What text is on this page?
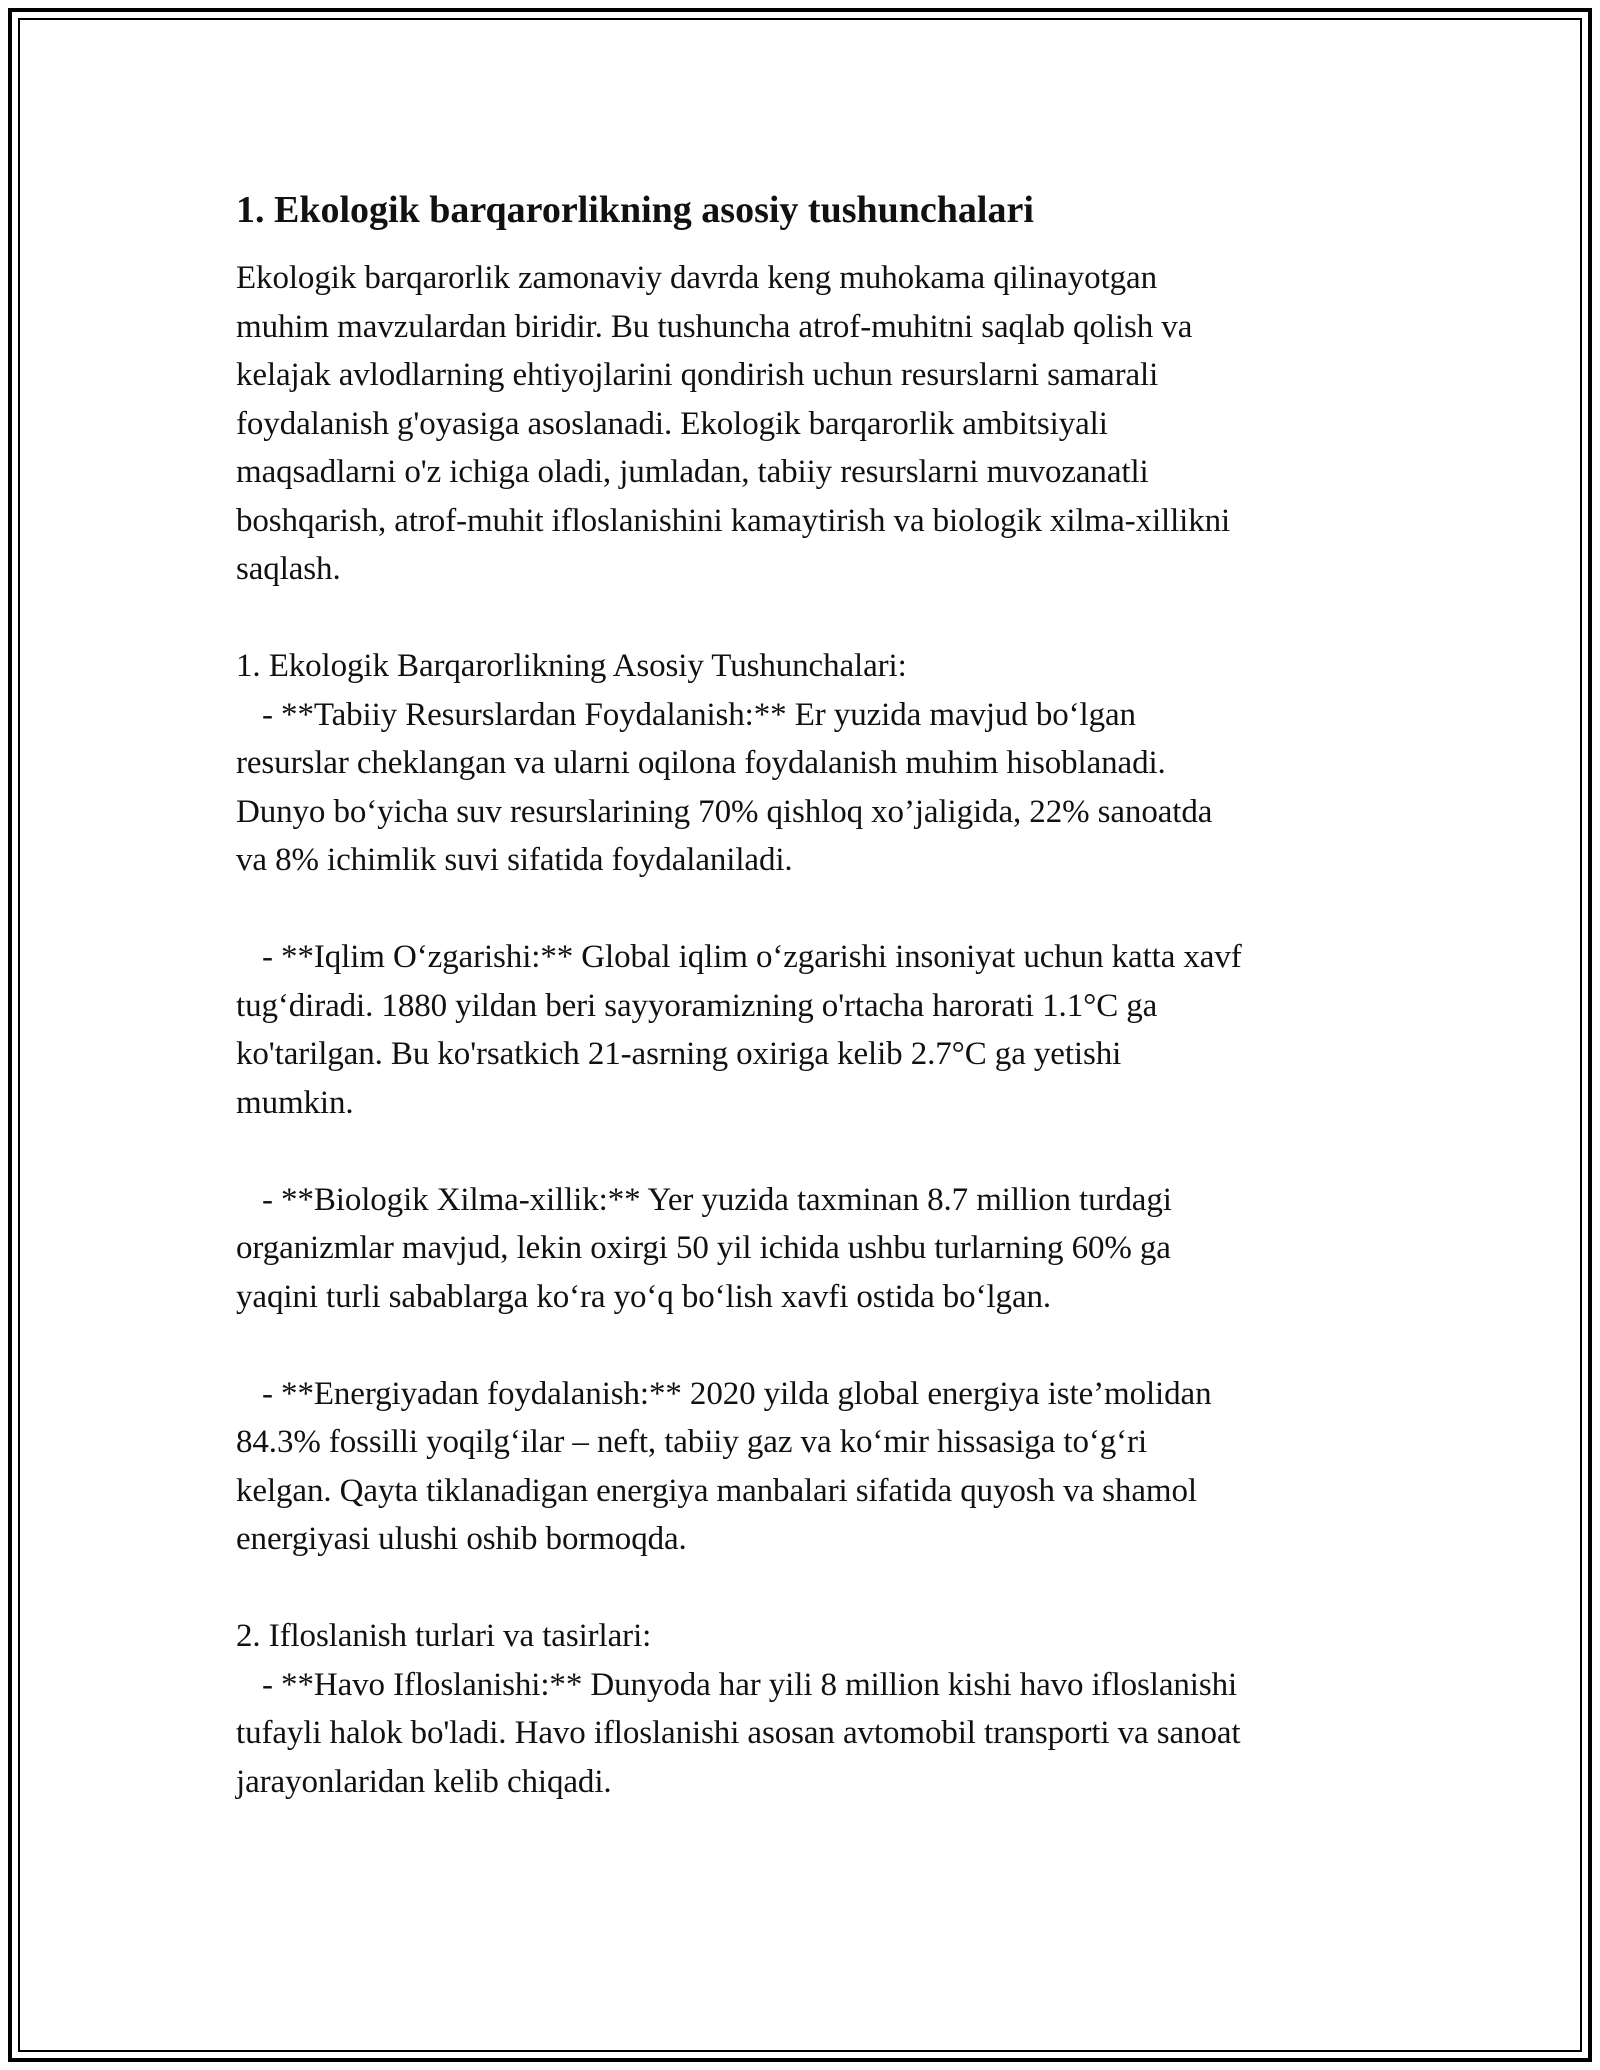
1. Ekologik barqarorlikning asosiy tushunchalari

Ekologik barqarorlik zamonaviy davrda keng muhokama qilinayotgan
muhim mavzulardan biridir. Bu tushuncha atrof-muhitni saqlab qolish va
kelajak avlodlarning ehtiyojlarini qondirish uchun resurslarni samarali
foydalanish g'oyasiga asoslanadi. Ekologik barqarorlik ambitsiyali
maqsadlarni o'z ichiga oladi, jumladan, tabiiy resurslarni muvozanatli
boshqarish, atrof-muhit ifloslanishini kamaytirish va biologik xilma-xillikni
saqlash.

1. Ekologik Barqarorlikning Asosiy Tushunchalari:

- **Tabiiy Resurslardan Foydalanish:** Er yuzida mavjud bo‘lgan

resurslar cheklangan va ularni oqilona foydalanish muhim hisoblanadi.
Dunyo bo‘yicha suv resurslarining 70% qishloq xo’jaligida, 22% sanoatda
va 8% ichimlik suvi sifatida foydalaniladi.

- **Iqlim O‘zgarishi:** Global iqlim o‘zgarishi insoniyat uchun katta xavf

tug‘diradi. 1880 yildan beri sayyoramizning o'rtacha harorati 1.1°C ga
ko'tarilgan. Bu ko'rsatkich 21-asrning oxiriga kelib 2.7°C ga yetishi
mumkin.

- **Biologik Xilma-xillik:** Yer yuzida taxminan 8.7 million turdagi

organizmlar mavjud, lekin oxirgi 50 yil ichida ushbu turlarning 60% ga
yaqini turli sabablarga ko‘ra yo‘q bo‘lish xavfi ostida bo‘lgan.

- **Energiyadan foydalanish:** 2020 yilda global energiya iste’molidan

84.3% fossilli yoqilg‘ilar – neft, tabiiy gaz va ko‘mir hissasiga to‘g‘ri
kelgan. Qayta tiklanadigan energiya manbalari sifatida quyosh va shamol
energiyasi ulushi oshib bormoqda.

2. Ifloslanish turlari va tasirlari:

- **Havo Ifloslanishi:** Dunyoda har yili 8 million kishi havo ifloslanishi

tufayli halok bo'ladi. Havo ifloslanishi asosan avtomobil transporti va sanoat
jarayonlaridan kelib chiqadi.
